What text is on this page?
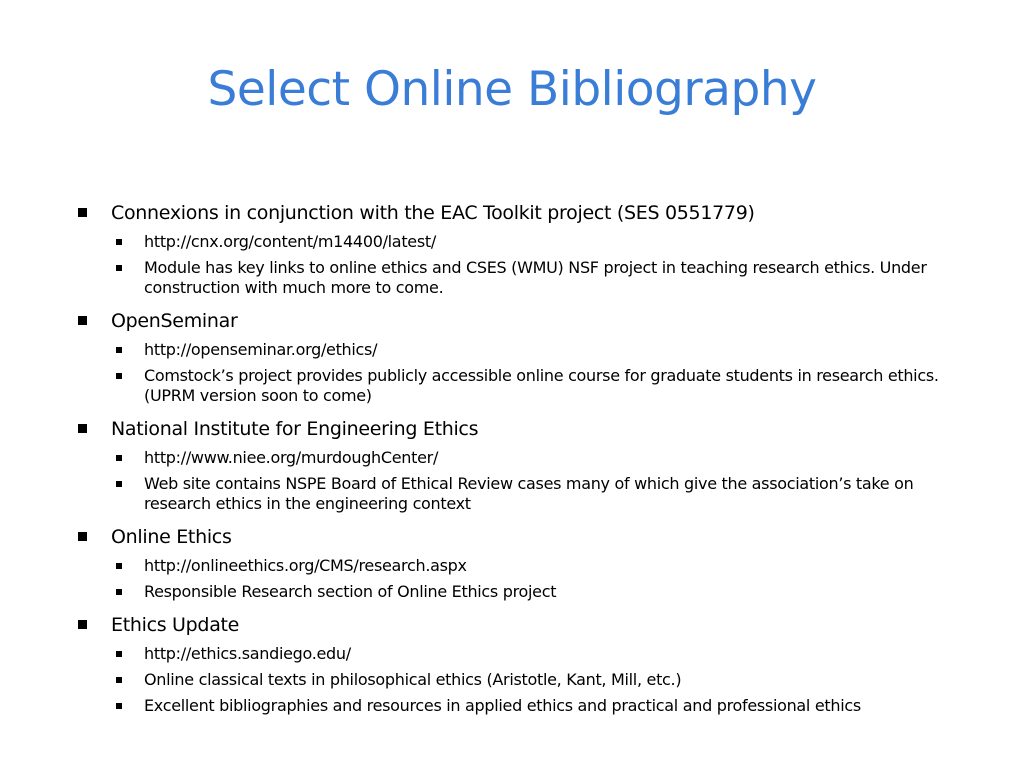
Select Online Bibliography
Connexions in conjunction with the EAC Toolkit project (SES 0551779)
http://cnx.org/content/m14400/latest/
Module has key links to online ethics and CSES (WMU) NSF project in teaching research ethics. Under construction with much more to come.
OpenSeminar
http://openseminar.org/ethics/
Comstock’s project provides publicly accessible online course for graduate students in research ethics. (UPRM version soon to come)
National Institute for Engineering Ethics
http://www.niee.org/murdoughCenter/
Web site contains NSPE Board of Ethical Review cases many of which give the association’s take on research ethics in the engineering context
Online Ethics
http://onlineethics.org/CMS/research.aspx
Responsible Research section of Online Ethics project
Ethics Update
http://ethics.sandiego.edu/
Online classical texts in philosophical ethics (Aristotle, Kant, Mill, etc.)
Excellent bibliographies and resources in applied ethics and practical and professional ethics
